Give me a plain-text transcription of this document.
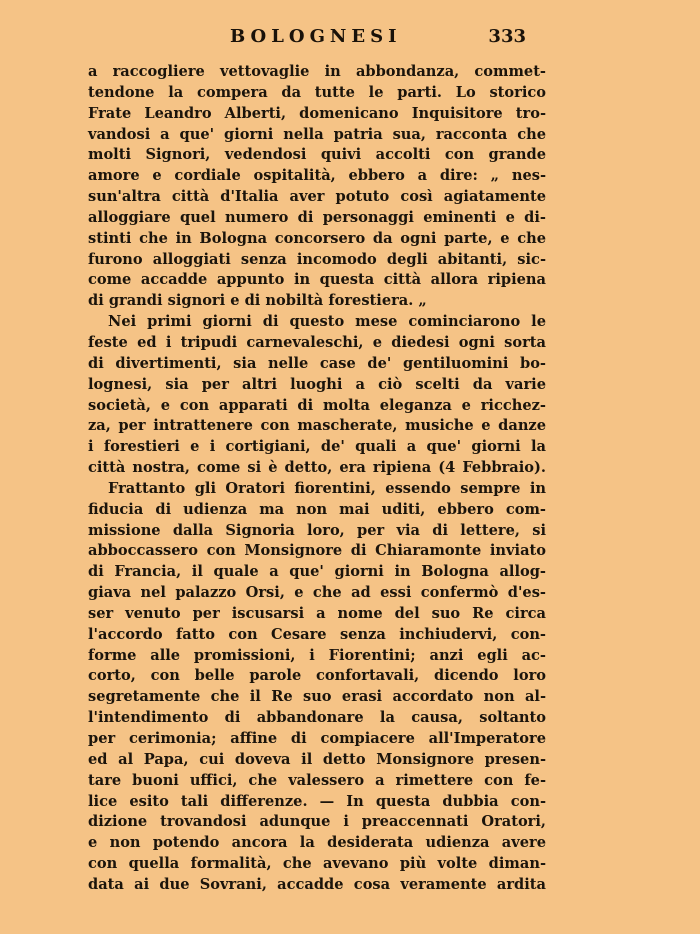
BOLOGNESI	333
a raccogliere vettovaglie in abbondanza, commet-
tendone la compera da tutte le parti. Lo storico
Frate Leandro Alberti, domenicano Inquisitore tro-
vandosi a que' giorni nella patria sua, racconta che
molti Signori, vedendosi quivi accolti con grande
amore e cordiale ospitalità, ebbero a dire: „ nes-
sun'altra città d'Italia aver potuto così agiatamente
alloggiare quel numero di personaggi eminenti e di-
stinti che in Bologna concorsero da ogni parte, e che
furono alloggiati senza incomodo degli abitanti, sic-
come accadde appunto in questa città allora ripiena
di grandi signori e di nobiltà forestiera. „
Nei primi giorni di questo mese cominciarono le
feste ed i tripudi carnevaleschi, e diedesi ogni sorta
di divertimenti, sia nelle case de' gentiluomini bo-
lognesi, sia per altri luoghi a ciò scelti da varie
società, e con apparati di molta eleganza e ricchez-
za, per intrattenere con mascherate, musiche e danze
i forestieri e i cortigiani, de' quali a que' giorni la
città nostra, come si è detto, era ripiena (4 Febbraio).
Frattanto gli Oratori fiorentini, essendo sempre in
fiducia di udienza ma non mai uditi, ebbero com-
missione dalla Signoria loro, per via di lettere, si
abboccassero con Monsignore di Chiaramonte inviato
di Francia, il quale a que' giorni in Bologna allog-
giava nel palazzo Orsi, e che ad essi confermò d'es-
ser venuto per iscusarsi a nome del suo Re circa
l'accordo fatto con Cesare senza inchiudervi, con-
forme alle promissioni, i Fiorentini; anzi egli ac-
corto, con belle parole confortavali, dicendo loro
segretamente che il Re suo erasi accordato non al-
l'intendimento di abbandonare la causa, soltanto
per cerimonia; affine di compiacere all'Imperatore
ed al Papa, cui doveva il detto Monsignore presen-
tare buoni uffici, che valessero a rimettere con fe-
lice esito tali differenze. — In questa dubbia con-
dizione trovandosi adunque i preaccennati Oratori,
e non potendo ancora la desiderata udienza avere
con quella formalità, che avevano più volte diman-
data ai due Sovrani, accadde cosa veramente ardita
